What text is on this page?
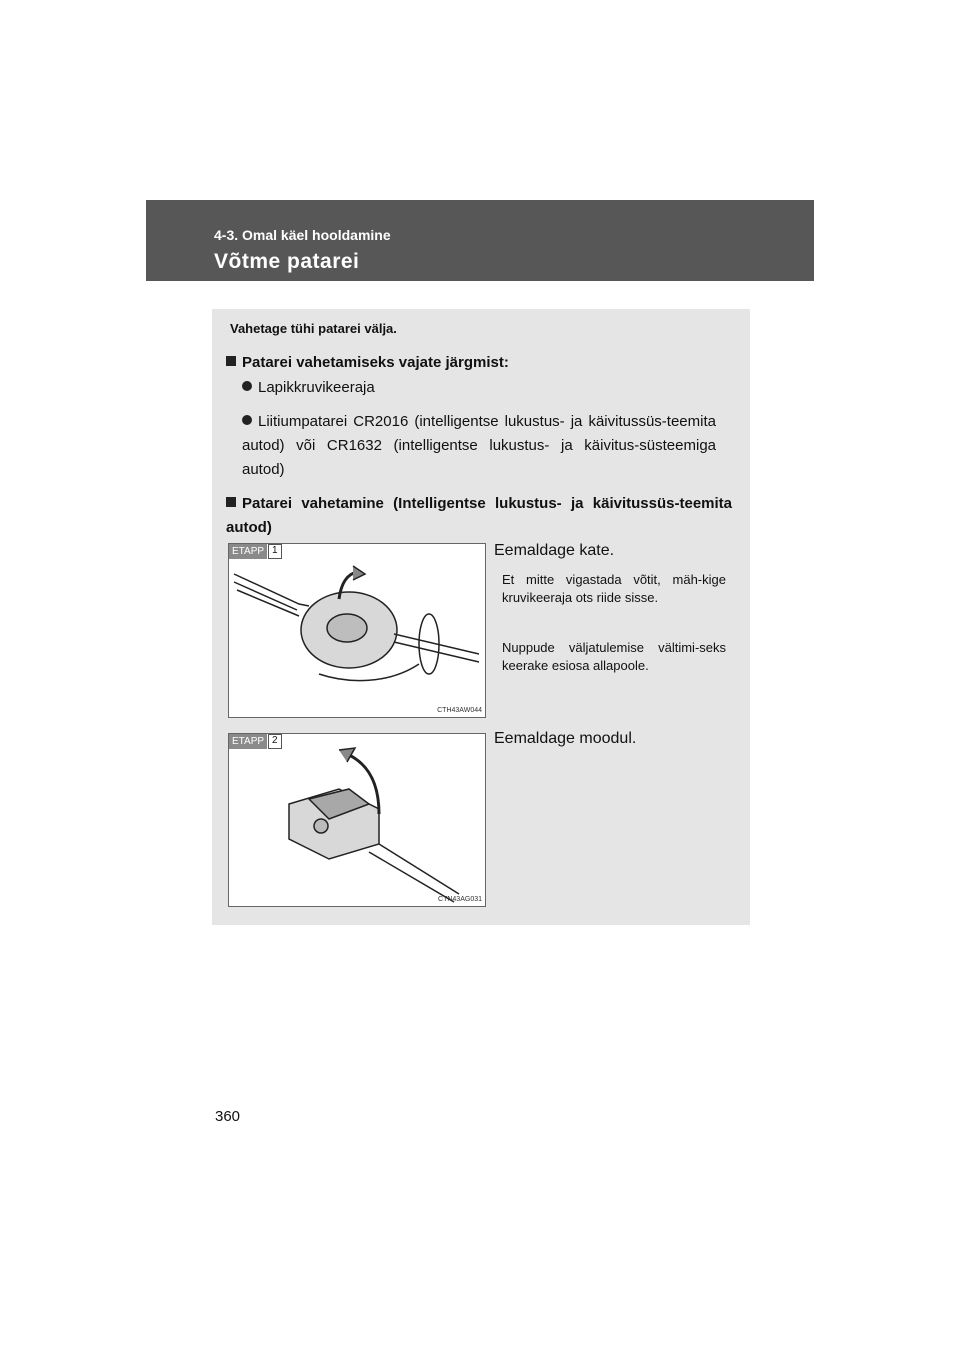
4-3. Omal käel hooldamine
Võtme patarei
Vahetage tühi patarei välja.
Patarei vahetamiseks vajate järgmist:
Lapikkruvikeeraja
Liitiumpatarei CR2016 (intelligentse lukustus- ja käivitussüs-teemita autod) või CR1632 (intelligentse lukustus- ja käivitus-süsteemiga autod)
Patarei vahetamine (Intelligentse lukustus- ja käivitussüs-teemita autod)
ETAPP 1
CTH43AW044
Eemaldage kate.
Et mitte vigastada võtit, mäh-kige kruvikeeraja ots riide sisse.
Nuppude väljatulemise vältimi-seks keerake esiosa allapoole.
ETAPP 2
CTN43AG031
Eemaldage moodul.
360
